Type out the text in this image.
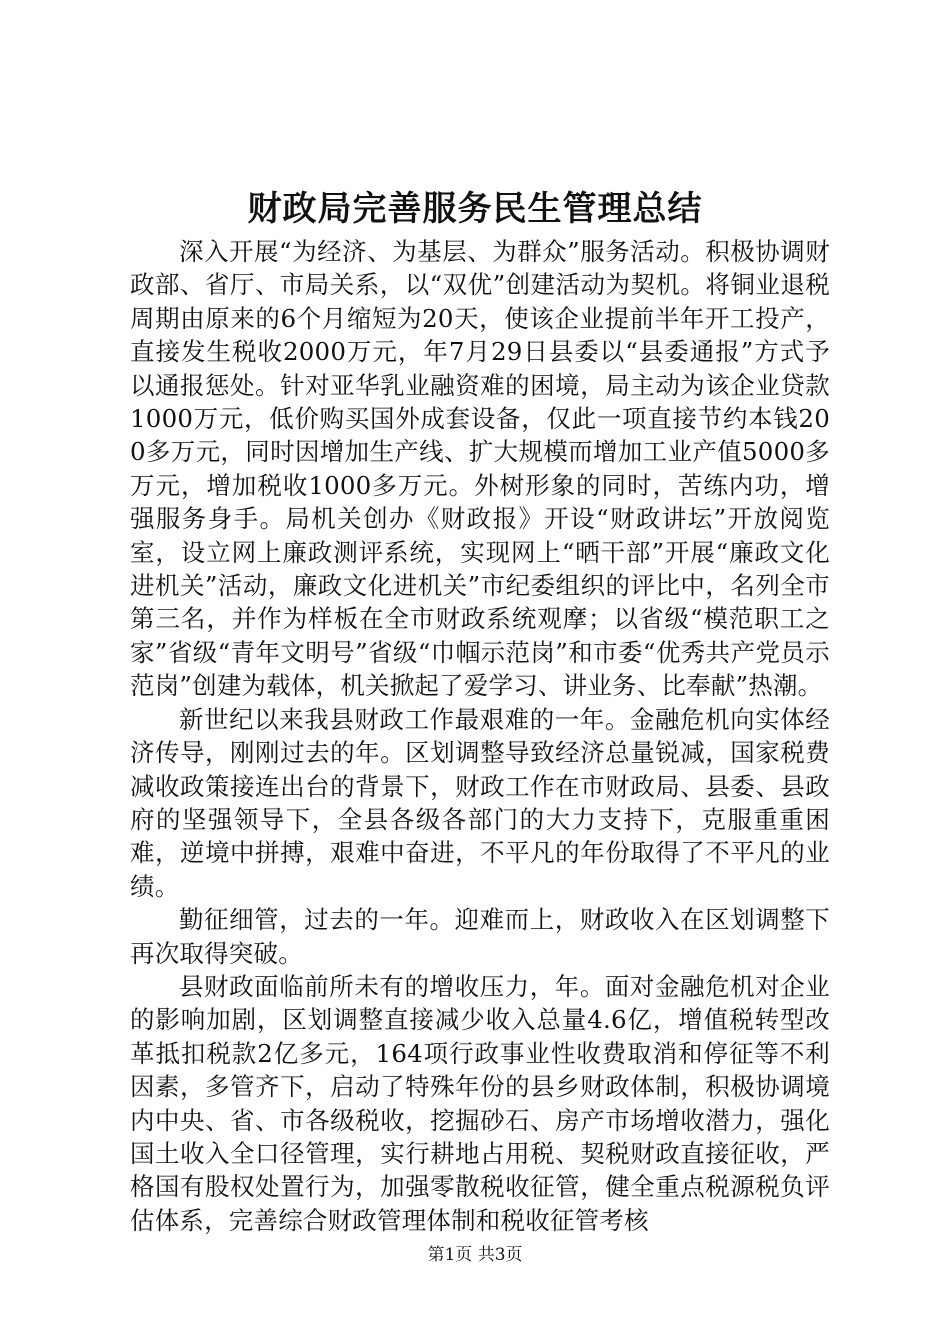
财政局完善服务民生管理总结

深入开展“为经济、为基层、为群众”服务活动。积极协调财政部、省厅、市局关系，以“双优”创建活动为契机。将铜业退税周期由原来的6个月缩短为20天，使该企业提前半年开工投产，直接发生税收2000万元，年7月29日县委以“县委通报”方式予以通报惩处。针对亚华乳业融资难的困境，局主动为该企业贷款1000万元，低价购买国外成套设备，仅此一项直接节约本钱200多万元，同时因增加生产线、扩大规模而增加工业产值5000多万元，增加税收1000多万元。外树形象的同时，苦练内功，增强服务身手。局机关创办《财政报》开设“财政讲坛”开放阅览室，设立网上廉政测评系统，实现网上“晒干部”开展“廉政文化进机关”活动，廉政文化进机关”市纪委组织的评比中，名列全市第三名，并作为样板在全市财政系统观摩；以省级“模范职工之家”省级“青年文明号”省级“巾帼示范岗”和市委“优秀共产党员示范岗”创建为载体，机关掀起了爱学习、讲业务、比奉献”热潮。

新世纪以来我县财政工作最艰难的一年。金融危机向实体经济传导，刚刚过去的年。区划调整导致经济总量锐减，国家税费减收政策接连出台的背景下，财政工作在市财政局、县委、县政府的坚强领导下，全县各级各部门的大力支持下，克服重重困难，逆境中拼搏，艰难中奋进，不平凡的年份取得了不平凡的业绩。

勤征细管，过去的一年。迎难而上，财政收入在区划调整下再次取得突破。

县财政面临前所未有的增收压力，年。面对金融危机对企业的影响加剧，区划调整直接减少收入总量4.6亿，增值税转型改革抵扣税款2亿多元，164项行政事业性收费取消和停征等不利因素，多管齐下，启动了特殊年份的县乡财政体制，积极协调境内中央、省、市各级税收，挖掘砂石、房产市场增收潜力，强化国土收入全口径管理，实行耕地占用税、契税财政直接征收，严格国有股权处置行为，加强零散税收征管，健全重点税源税负评估体系，完善综合财政管理体制和税收征管考核

第1页 共3页
